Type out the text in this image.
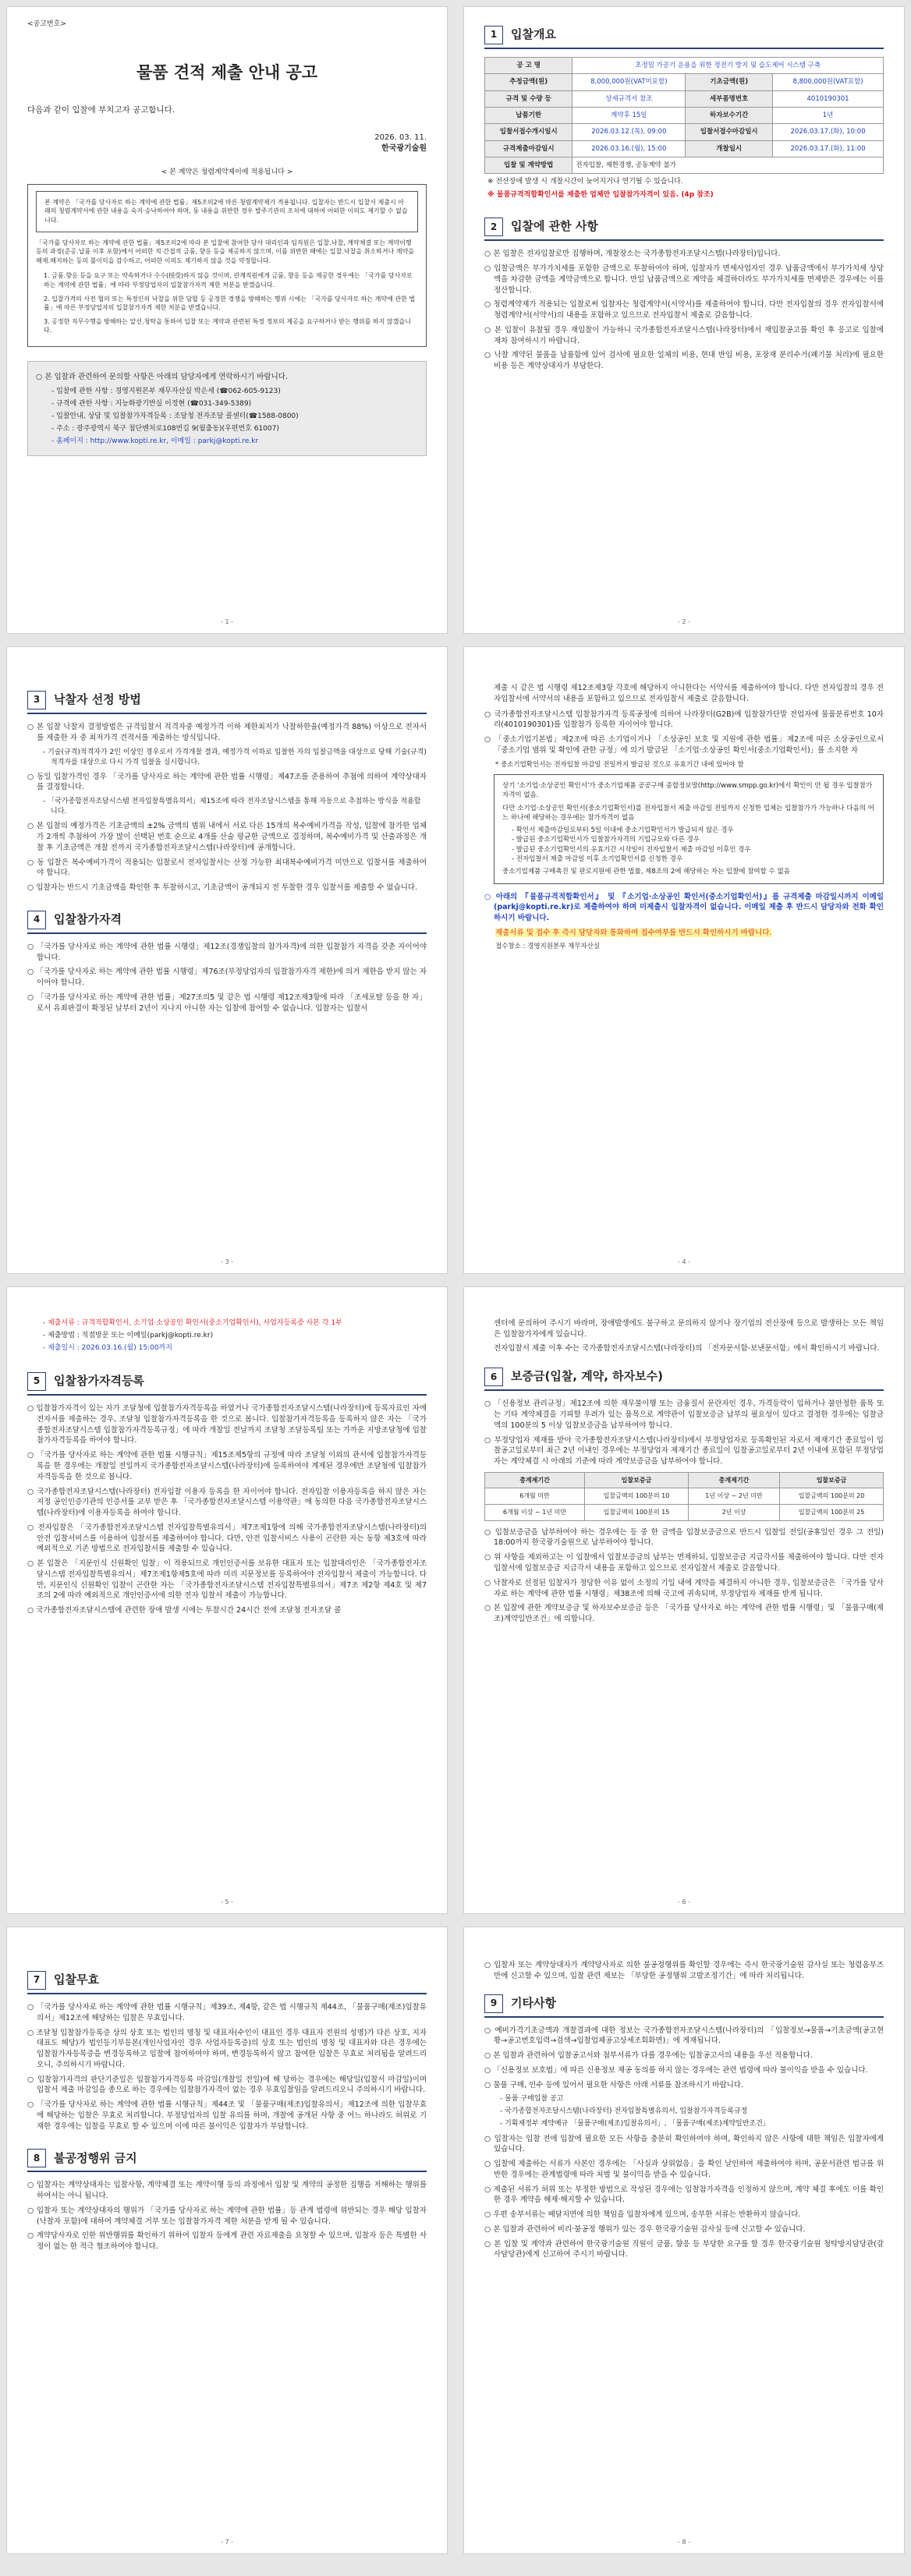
<공고번호>
물품 견적 제출 안내 공고
다음과 같이 입찰에 부치고자 공고합니다.
2026. 03. 11.
한국광기술원
< 본 계약은 청렴계약제이에 적용됩니다 >
본 계약은 「국가를 당사자로 하는 계약에 관한 법률」제5조의2에 따른 청렴계약제가 적용됩니다. 입찰자는 반드시 입찰서 제출시 아래의 청렴계약서에 관한 내용을 숙지·승낙하여야 하며, 동 내용을 위반한 경우 발주기관의 조치에 대하여 어떠한 이의도 제기할 수 없습니다.
「국가를 당사자로 하는 계약에 관한 법률」제5조의2에 따라 본 입찰에 참여한 당사 대리인과 임직원은 입찰․낙찰, 계약체결 또는 계약이행 등의 과정(준공․납품 이후 포함)에서 어떠한 직·간접적 금품, 향응 등을 제공하지 않으며, 이를 위반한 때에는 입찰․낙찰을 취소하거나 계약을 해제․해지하는 등의 불이익을 감수하고, 어떠한 이의도 제기하지 않을 것을 약정합니다.
1. 금품․향응 등을 요구 또는 약속하거나 수수(授受)하지 않을 것이며, 관계직원에게 금품, 향응 등을 제공한 경우에는 「국가를 당사자로 하는 계약에 관한 법률」에 따라 부정당업자의 입찰참가자격 제한 처분을 받겠습니다.
2. 입찰가격의 사전 협의 또는 특정인의 낙찰을 위한 담합 등 공정한 경쟁을 방해하는 행위 시에는 「국가를 당사자로 하는 계약에 관한 법률」에 따른 부정당업자의 입찰참가자격 제한 처분을 받겠습니다.
3. 공정한 직무수행을 방해하는 알선․청탁을 통하여 입찰 또는 계약과 관련된 특정 정보의 제공을 요구하거나 받는 행위를 하지 않겠습니다.
○ 본 입찰과 관련하여 문의할 사항은 아래의 담당자에게 연락하시기 바랍니다.
- 입찰에 관한 사항 : 경영지원본부 재무자산실 박은세 (☎062-605-9123)
- 규격에 관한 사항 : 지능화광기반실 이정현 (☎031-349-5389)
- 입찰안내, 상담 및 입찰참가자격등록 : 조달청 전자조달 콜센터(☎1588-0800)
- 주소 : 광주광역시 북구 첨단벤처로108번길 9(월출동)(우편번호 61007)
- 홈페이지 : http://www.kopti.re.kr, 이메일 : parkj@kopti.re.kr
- 1 -
1	입찰개요
공 고 명	초정밀 가공기 운용을 위한 정전기 방지 및 습도제어 시스템 구축		
추정금액(원)	8,000,000원(VAT미포함)	기초금액(원)	8,800,000원(VAT포함)
규격 및 수량 등	상세규격서 참조	세부품명번호	4010190301
납품기한	계약후 15일	하자보수기간	1년
입찰서접수개시일시	2026.03.12.(목), 09:00	입찰서접수마감일시	2026.03.17.(화), 10:00
규격제출마감일시	2026.03.16.(월), 15:00	개찰일시	2026.03.17.(화), 11:00
입찰 및 계약방법	전자입찰, 제한경쟁, 공동계약 불가		
※ 전산장애 발생 시 개찰시간이 늦어지거나 연기될 수 있습니다.
※ 물품규격적합확인서를 제출한 업체만 입찰참가자격이 있음. (4p 참조)
2	입찰에 관한 사항
○ 본 입찰은 전자입찰로만 집행하며, 개찰장소는 국가종합전자조달시스템(나라장터)입니다.
○ 입찰금액은 부가가치세를 포함한 금액으로 투찰하여야 하며, 입찰자가 면세사업자인 경우 납품금액에서 부가가치세 상당액을 차감한 금액을 계약금액으로 합니다. 만일 납품금액으로 계약을 체결하더라도 부가가치세를 면제받은 경우에는 이를 정산합니다.
○ 청렴계약제가 적용되는 입찰로써 입찰자는 청렴계약서(서약서)를 제출하여야 합니다. 다만 전자입찰의 경우 전자입찰서에 청렴계약서(서약서)의 내용을 포함하고 있으므로 전자입찰서 제출로 갈음합니다.
○ 본 입찰이 유찰될 경우 재입찰이 가능하니 국가종합전자조달시스템(나라장터)에서 재입찰공고를 확인 후 응고로 입찰에 재차 참여하시기 바랍니다.
○ 낙찰 계약된 물품을 납품함에 있어 검사에 필요한 일체의 비용, 현대 반입 비용, 포장재 분리수거(폐기물 처리)에 필요한 비용 등은 계약상대자가 부담한다.
- 2 -
3	낙찰자 선정 방법
○ 본 입찰 낙찰자 결정방법은 규격입찰서 적격자중 예정가격 이하 제한최저가 낙찰하한율(예정가격 88%) 이상으로 전자서를 제출한 자 중 최저가격 견적서를 제출하는 방식입니다.
- 기술(규격)적격자가 2인 이상인 경우로서 가격개찰 결과, 예정가격 이하로 입찰한 자의 입찰금액을 대상으로 당해 기술(규격)적격자를 대상으로 다시 가격 입찰을 실시합니다.
○ 동일 입찰가격인 경우 「국가를 당사자로 하는 계약에 관한 법률 시행령」제47조를 준용하여 추첨에 의하여 계약상대자를 결정합니다.
- 「국가종합전자조달시스템 전자입찰특별유의서」제15조에 따라 전자조달시스템을 통해 자동으로 추첨하는 방식을 적용합니다.
○ 본 입찰의 예정가격은 기초금액의 ±2% 금액의 범위 내에서 서로 다른 15개의 복수예비가격을 작성, 입찰에 참가한 업체가 2개씩 추첨하여 가장 많이 선택된 번호 순으로 4개를 산술 평균한 금액으로 결정하며, 복수예비가격 및 산출과정은 개찰 후 기초금액은 개찰 전까지 국가종합전자조달시스템(나라장터)에 공개합니다.
○ 동 입찰은 복수예비가격이 적용되는 입찰로서 전자입찰서는 산정 가능한 최대복수예비가격 미만으로 입찰서를 제출하여야 합니다.
○ 입찰자는 반드시 기초금액을 확인한 후 투찰하시고, 기초금액이 공개되지 전 투찰한 경우 입찰서를 제출할 수 없습니다.
4	입찰참가자격
○ 「국가를 당사자로 하는 계약에 관한 법률 시행령」제12조(경쟁입찰의 참가자격)에 의한 입찰참가 자격을 갖춘 자이어야 합니다.
○ 「국가를 당사자로 하는 계약에 관한 법률 시행령」제76조(부정당업자의 입찰참가자격 제한)에 의거 제한을 받지 않는 자이어야 합니다.
○ 「국가를 당사자로 하는 계약에 관한 법률」제27조의5 및 같은 법 시행령 제12조제3항에 따라 「조세포탈 등을 한 자」로서 유죄판결이 확정된 날부터 2년이 지나지 아니한 자는 입찰에 참여할 수 없습니다. 입찰자는 입찰서
- 3 -
제출 시 같은 법 시행령 제12조제3항 각호에 해당하지 아니한다는 서약서를 제출하여야 합니다. 다만 전자입찰의 경우 전자입찰서에 서약서의 내용을 포함하고 있으므로 전자입찰서 제출로 갈음합니다.
○ 국가종합전자조달시스템 입찰참가자격 등록공정에 의하여 나라장터(G2B)에 입찰참가단말 전업자에 물품분류번호 10자리(4010190301)를 입찰참가 등록한 자이어야 합니다.
○ 「중소기업기본법」제2조에 따른 소기업이거나 「소상공인 보호 및 지원에 관한 법률」제2조에 따른 소상공인으로서 「중소기업 범위 및 확인에 관한 규정」에 의거 발급된 「소기업·소상공인 확인서(중소기업확인서)」를 소지한 자
* 중소기업확인서는 전자입찰 마감일 전일까지 발급된 것으로 유효기간 내에 있어야 함
상기 '소기업·소상공인 확인서'가 중소기업제품 공공구매 종합정보망(http://www.smpp.go.kr)에서 확인이 안 될 경우 입찰참가자격이 없음.
다만 소기업·소상공인 확인서(중소기업확인서)를 전자입찰서 제출 마감일 전일까지 신청한 업체는 입찰참가가 가능하나 다음의 어느 하나에 해당하는 경우에는 참가자격이 없음
- 확인서 제출마감일로부터 5일 이내에 중소기업확인서가 발급되지 않은 경우
- 발급된 중소기업확인서가 입찰참가자격의 기업규모와 다른 경우
- 발급된 중소기업확인서의 유효기간 시작일이 전자입찰서 제출 마감일 이후인 경우
- 전자입찰서 제출 마감일 이후 소기업확인서를 신청한 경우
중소기업제품 구매촉진 및 판로지원에 관한 법률, 제8조의 2에 해당하는 자는 입찰에 참여할 수 없음
○ 아래의 『물품규격적합확인서』 및 『소기업·소상공인 확인서(중소기업확인서)』를 규격제출 마감일시까지 이메일(parkj@kopti.re.kr)로 제출하여야 하며 미제출시 입찰자격이 없습니다. 이메일 제출 후 반드시 담당자와 전화 확인하시기 바랍니다.
제출서류 및 접수 후 즉시 담당자와 통화하여 접수여부를 반드시 확인하시기 바랍니다.
접수창소 : 경영지원본부 재무자산실
- 4 -
- 제출서류 : 규격적합확인서, 소기업·소상공인 확인서(중소기업확인서), 사업자등록증 사본 각 1부
- 제출방법 : 직접방문 또는 이메일(parkj@kopti.re.kr)
- 제출일시 : 2026.03.16.(월) 15:00까지
5	입찰참가자격등록
○ 입찰참가자격이 있는 자가 조달청에 입찰참가자격등록을 하였거나 국가종합전자조달시스템(나라장터)에 등록자료인 자에 전자서를 제출하는 경우, 조달청 입찰참가자격등록을 한 것으로 봅니다. 입찰참가자격등록을 등록하지 않은 자는 「국가종합전자조달시스템 입찰참가자격등록규정」에 따라 개찰일 전날까지 조달청 조달등록팀 또는 가까운 지방조달청에 입찰참가자격등록을 하여야 합니다.
○ 「국가를 당사자로 하는 계약에 관한 법률 시행규칙」제15조제5항의 규정에 따라 조달청 이외의 관서에 입찰참가자격등록을 한 경우에는 개찰일 전일까지 국가종합전자조달시스템(나라장터)에 등록하여야 계제된 경우에만 조달청에 입찰참가자격등록을 한 것으로 봅니다.
○ 국가종합전자조달시스템(나라장터) 전자입찰 이용자 등록을 한 자이어야 합니다. 전자입찰 이용자등록을 하지 않은 자는 지정 공인인증기관의 인증서를 교부 받은 후 「국가종합전자조달시스템 이용약관」에 동의한 다음 국가종합전자조달시스템(나라장터)에 이용자등록을 하여야 합니다.
○ 전자입찰은 「국가종합전자조달시스템 전자입찰특별유의서」제7조제1항에 의해 국가종합전자조달시스템(나라장터)의 안전 입찰서비스를 이용하여 입찰서를 제출하여야 합니다. 다만, 안전 입찰서비스 사용이 곤란한 자는 동항 제3호에 따라 예외적으로 기존 방법으로 전자입찰서를 제출할 수 있습니다.
○ 본 입찰은 「지문인식 신원확인 입찰」이 적용되므로 개인인증서를 보유한 대표자 또는 입찰대리인은 「국가종합전자조달시스템 전자입찰특별유의서」제7조제1항제5호에 따라 미리 지문정보를 등록하여야 전자입찰서 제출이 가능합니다. 다만, 지문인식 신원확인 입찰이 곤란한 자는 「국가종합전자조달시스템 전자입찰특별유의서」제7조 제2항 제4호 및 제7조의 2에 따라 예외적으로 개인인증서에 의한 전자 입찰서 제출이 가능합니다.
○ 국가종합전자조달시스템에 관련한 장애 발생 시에는 투찰시간 24시간 전에 조달청 전자조달 콜
- 5 -
센터에 문의하여 주시기 바라며, 장애발생에도 불구하고 문의하지 않거나 장기업의 전산장애 등으로 발생하는 모든 책임은 입찰참가자에게 있습니다.
전자입찰서 제출 이후 수는 국가종합전자조달시스템(나라장터)의 「전자문서함-보낸문서함」에서 확인하시기 바랍니다.
6	보증금(입찰, 계약, 하자보수)
○ 「신용정보 관리규정」제12조에 의한 재무불이행 또는 금융질서 문란자인 경우, 가격등락이 입하거나 불안정한 품목 또는 기타 계약체결을 기피할 우려가 있는 품목으로 계약관이 입찰보증금 납부의 필요성이 있다고 결정한 경우에는 입찰금액의 100분의 5 이상 입찰보증금을 납부하여야 합니다.
○ 부정당업자 제재를 받아 국가종합전자조달시스템(나라장터)에서 부정당업자로 등록확인된 자로서 제재기간 종료일이 입찰공고일로부터 최근 2년 이내인 경우에는 부정당업자 제재기간 종료일이 입찰공고일로부터 2년 이내에 포함된 부정당업자는 계약체결 시 아래의 기준에 따라 계약보증금을 납부하여야 합니다.
총계제기간	입찰보증금	총계제기간	입찰보증금
6개월 미만	입찰금액의 100분의 10	1년 이상 ~ 2년 미만	입찰금액의 100분의 20
6개월 이상 ~ 1년 미만	입찰금액의 100분의 15	2년 이상	입찰금액의 100분의 25
○ 입찰보증금을 납부하여야 하는 경우에는 등 중 한 금액을 입찰보증금으로 반드시 입찰일 전일(공휴일인 경우 그 전일) 18:00까지 한국광기술원으로 납부하여야 합니다.
○ 위 사항을 제외하고는 이 입찰에서 입찰보증금의 납부는 면제하되, 입찰보증금 지급각서를 제출하여야 합니다. 다만 전자입찰서에 입찰보증금 지급각서 내용을 포함하고 있으므로 전자입찰서 제출로 갈음합니다.
○ 낙찰자로 선정된 입찰자가 정당한 이유 없이 소정의 기일 내에 계약을 체결하지 아니한 경우, 입찰보증금은 「국가를 당사자로 하는 계약에 관한 법률 시행령」제38조에 의해 국고에 귀속되며, 부정당업자 제재를 받게 됩니다.
○ 본 입찰에 관한 계약보증금 및 하자보수보증금 등은 「국가를 당사자로 하는 계약에 관한 법률 시행령」및 「물품구매(제조)계약일반조건」에 의합니다.
- 6 -
7	입찰무효
○ 「국가를 당사자로 하는 계약에 관한 법률 시행규칙」제39조, 제4항, 같은 법 시행규칙 제44조, 「물품구매(제조)입찰유의서」제12조에 해당하는 입찰은 무효입니다.
○ 조달청 입찰참가등록증 상의 상호 또는 법인의 명칭 및 대표자(수인이 대표인 경우 대표자 전원의 성명)가 다른 상호, 지자 대표도 해당)가 법인등기부등본(개인사업자인 경우 사업자등록증)의 상호 또는 법인의 명칭 및 대표자와 다른 경우에는 입찰참가자등록증을 변경등록하고 입찰에 참여하여야 하며, 변경등록하지 않고 참여한 입찰은 무효로 처리됨을 알려드리오니, 주의하시기 바랍니다.
○ 입찰참가자격의 판단기준일은 입찰참가자격등록 마감일(개찰일 전일)에 해 당하는 경우에는 해당일(입찰서 마감일)이며 입찰서 제출 마감일을 종으로 하는 경우에는 입찰참가자격이 없는 경우 무효입찰임을 알려드리오니 주의하시기 바랍니다.
○ 「국가를 당사자로 하는 계약에 관한 법률 시행규칙」제44조 및 「물품구매(제조)입찰유의서」제12조에 의한 입찰무효에 해당하는 입찰은 무효로 처리합니다. 부정당업자의 입찰 유의를 하며, 개찰에 공개된 사항 중 어느 하나라도 허위로 기재한 경우에는 입찰을 무효로 할 수 있으며 이에 따른 불이익은 입찰자가 부담합니다.
8	불공정행위 금지
○ 입찰자는 계약상대자는 입찰사항, 계약체결 또는 계약이행 등의 과정에서 입찰 및 계약의 공정한 집행을 저해하는 행위를 하여서는 아니 됩니다.
○ 입찰자 또는 계약상대자의 행위가 「국가를 당사자로 하는 계약에 관한 법률」등 관계 법령에 위반되는 경우 해당 입찰자(낙찰자 포함)에 대하여 계약체결 거부 또는 입찰참가자격 제한 처분을 받게 될 수 있습니다.
○ 계약당사자로 인한 위반행위를 확인하기 위하여 입찰자 등에게 관련 자료제출을 요청할 수 있으며, 입찰자 등은 특별한 사정이 없는 한 적극 협조하여야 합니다.
- 7 -
○ 입찰자 또는 계약상대자가 계약당사자로 의한 불공정행위를 확인할 경우에는 즉시 한국광기술원 감사실 또는 청렴옴부즈만에 신고할 수 있으며, 입찰 관련 제보는 「부당한 공정행위 고발조정기간」에 따라 처리됩니다.
9	기타사항
○ 예비가격기초금액과 개찰결과에 대한 정보는 국가종합전자조달시스템(나라장터)의 「입찰정보→물품→기초금액(공고현황→공고번호입력→검색→입찰업체공고상세조회화면)」에 게재됩니다.
○ 본 입찰과 관련하여 입찰공고서와 첨부서류가 다를 경우에는 입찰공고서의 내용을 우선 적용합니다.
○ 「신용정보 보호법」에 따른 신용정보 제공 동의를 하지 않는 경우에는 관련 법령에 따라 불이익을 받을 수 있습니다.
○ 물품 구매, 인수 등에 있어서 필요한 사항은 아래 서류를 참조하시기 바랍니다.
- 물품 구매입찰 공고
- 국가종합전자조달시스템(나라장터) 전자입찰특별유의서, 입찰참가자격등록규정
- 기획재정부 계약예규 「물품구매(제조)입찰유의서」, 「물품구매(제조)계약일반조건」
○ 입찰자는 입찰 전에 입찰에 필요한 모든 사항을 충분히 확인하여야 하며, 확인하지 않은 사항에 대한 책임은 입찰자에게 있습니다.
○ 입찰에 제출하는 서류가 사본인 경우에는 「사실과 상위없음」을 확인 날인하여 제출하여야 하며, 공문서관련 법규를 위반한 경우에는 관계법령에 따라 처벌 및 불이익을 받을 수 있습니다.
○ 제출된 서류가 허위 또는 부정한 방법으로 작성된 경우에는 입찰참가자격을 인정하지 않으며, 계약 체결 후에도 이를 확인한 경우 계약을 해제·해지할 수 있습니다.
○ 우편 송부서류는 배달지연에 의한 책임을 입찰자에게 있으며, 송부한 서류는 반환하지 않습니다.
○ 본 입찰과 관련하여 비리·불공정 행위가 있는 경우 한국광기술원 감사실 등에 신고할 수 있습니다.
○ 본 입찰 및 계약과 관련하여 한국광기술원 직원이 금품, 향응 등 부당한 요구를 할 경우 한국광기술원 청탁방지담당관(감사담당관)에게 신고하여 주시기 바랍니다.
- 8 -
